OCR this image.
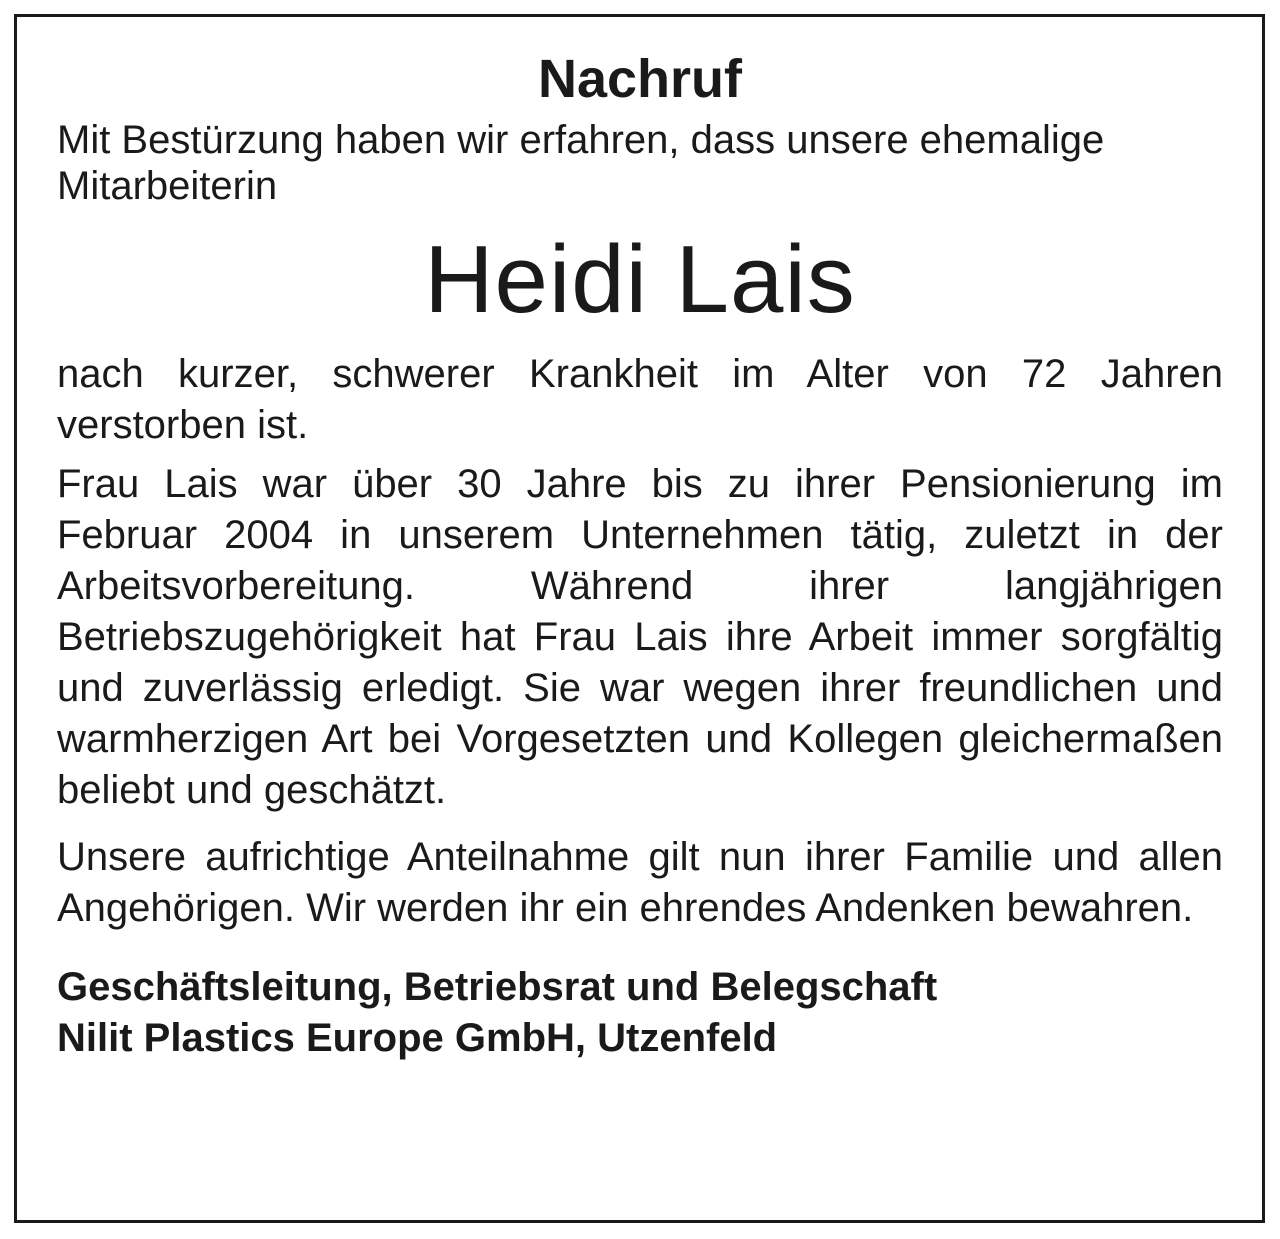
Nachruf

Mit Bestürzung haben wir erfahren, dass unsere ehemalige Mitarbeiterin

Heidi Lais

nach kurzer, schwerer Krankheit im Alter von 72 Jahren verstorben ist.

Frau Lais war über 30 Jahre bis zu ihrer Pensionierung im Februar 2004 in unserem Unternehmen tätig, zuletzt in der Arbeitsvorbereitung. Während ihrer langjährigen Betriebszugehörigkeit hat Frau Lais ihre Arbeit immer sorgfältig und zuverlässig erledigt. Sie war wegen ihrer freundlichen und warmherzigen Art bei Vorgesetzten und Kollegen gleichermaßen beliebt und geschätzt.

Unsere aufrichtige Anteilnahme gilt nun ihrer Familie und allen Angehörigen. Wir werden ihr ein ehrendes Andenken bewahren.

Geschäftsleitung, Betriebsrat und Belegschaft
Nilit Plastics Europe GmbH, Utzenfeld
